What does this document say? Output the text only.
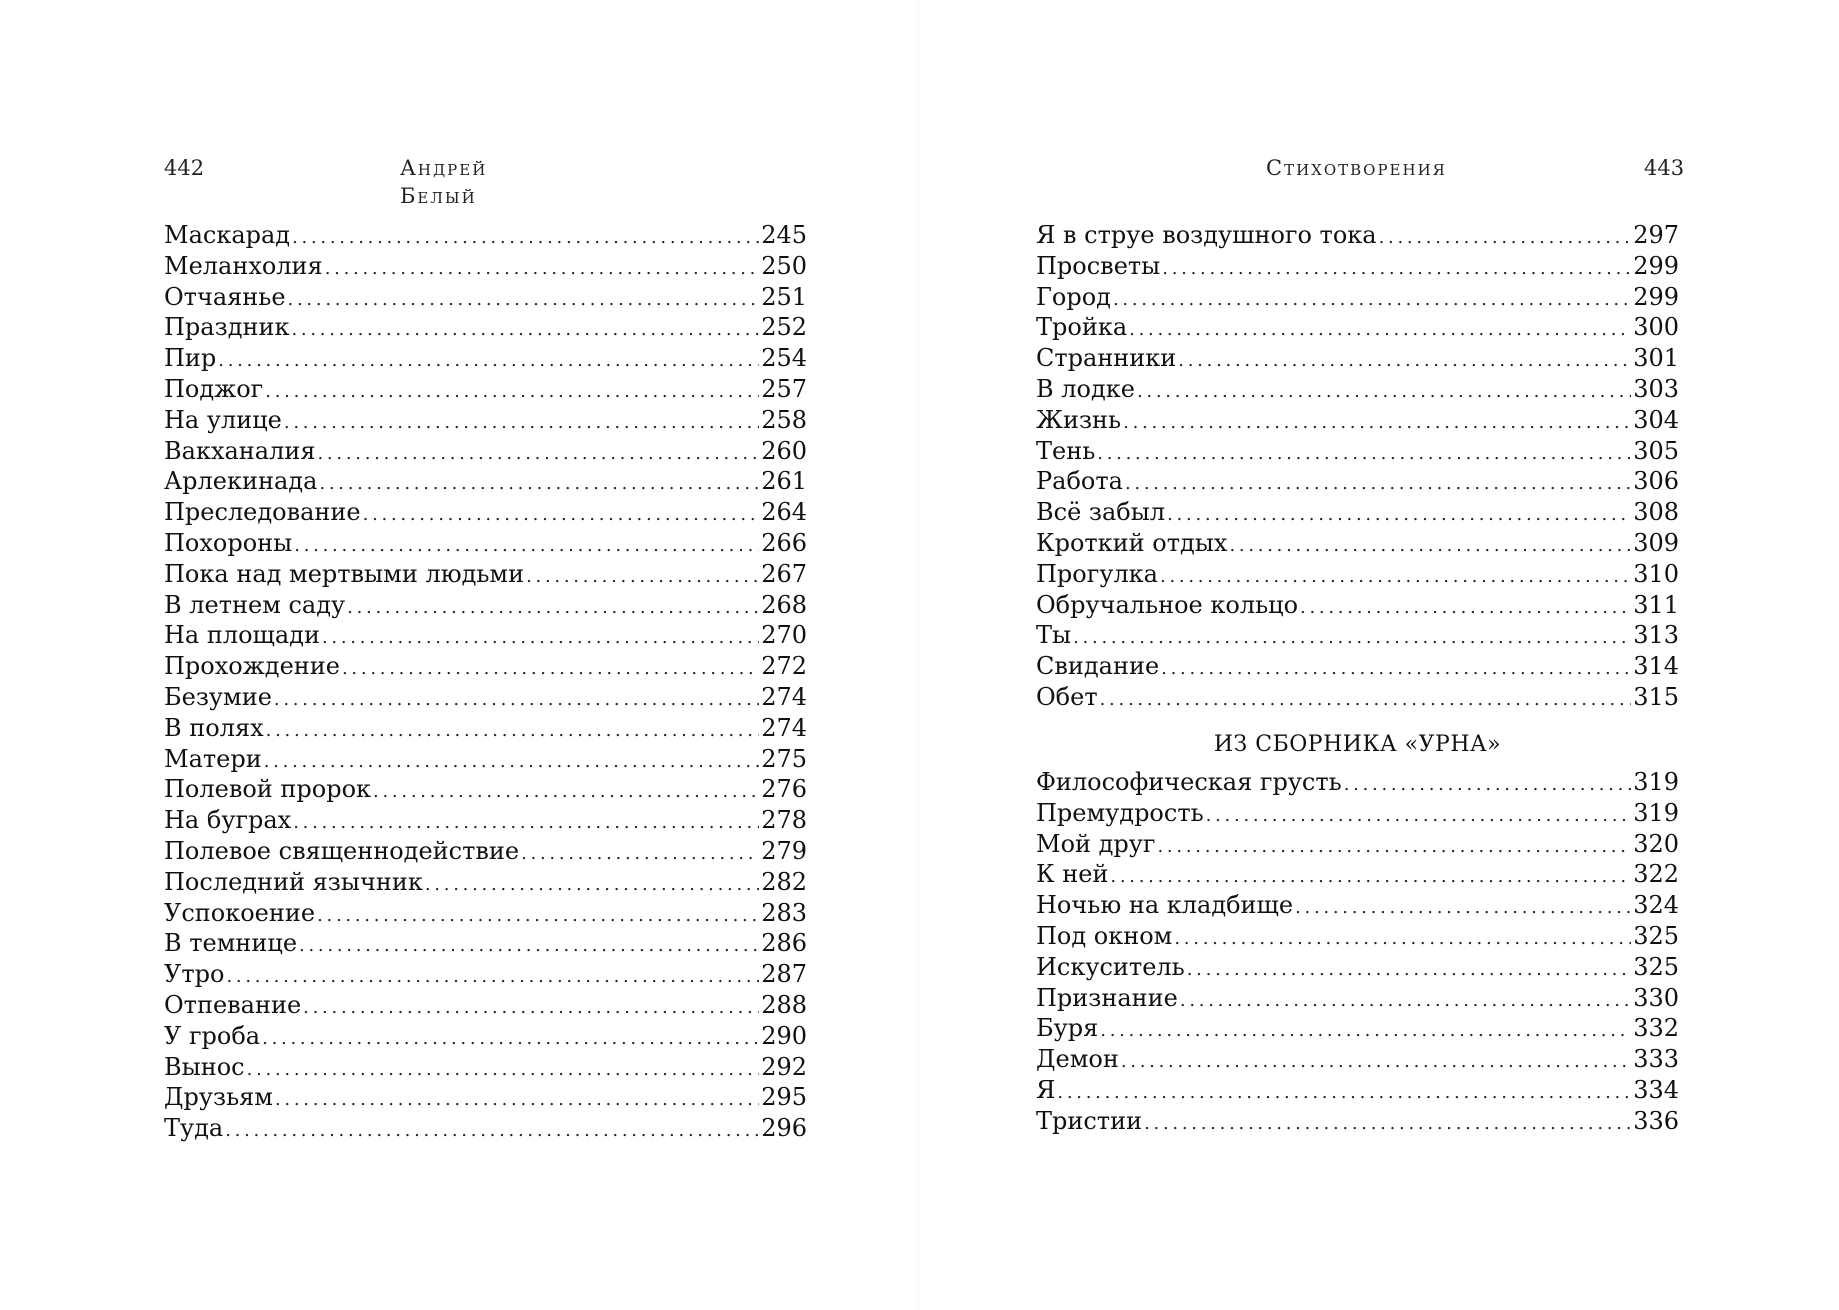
442	Андрей Белый
Маскарад . . .	245
Меланхолия . . .	250
Отчаянье . . .	251
Праздник . . .	252
Пир . . .	254
Поджог . . .	257
На улице . . .	258
Вакханалия . . .	260
Арлекинада . . .	261
Преследование . . .	264
Похороны . . .	266
Пока над мертвыми людьми . . .	267
В летнем саду . . .	268
На площади . . .	270
Прохождение . . .	272
Безумие . . .	274
В полях . . .	274
Матери . . .	275
Полевой пророк . . .	276
На буграх . . .	278
Полевое священнодействие . . .	279
Последний язычник . . .	282
Успокоение . . .	283
В темнице . . .	286
Утро . . .	287
Отпевание . . .	288
У гроба . . .	290
Вынос . . .	292
Друзьям . . .	295
Туда . . .	296
Стихотворения	443
Я в струе воздушного тока . . .	297
Просветы . . .	299
Город . . .	299
Тройка . . .	300
Странники . . .	301
В лодке . . .	303
Жизнь . . .	304
Тень . . .	305
Работа . . .	306
Всё забыл . . .	308
Кроткий отдых . . .	309
Прогулка . . .	310
Обручальное кольцо . . .	311
Ты . . .	313
Свидание . . .	314
Обет . . .	315
ИЗ СБОРНИКА «УРНА»
Философическая грусть . . .	319
Премудрость . . .	319
Мой друг . . .	320
К ней . . .	322
Ночью на кладбище . . .	324
Под окном . . .	325
Искуситель . . .	325
Признание . . .	330
Буря . . .	332
Демон . . .	333
Я . . .	334
Тристии . . .	336
